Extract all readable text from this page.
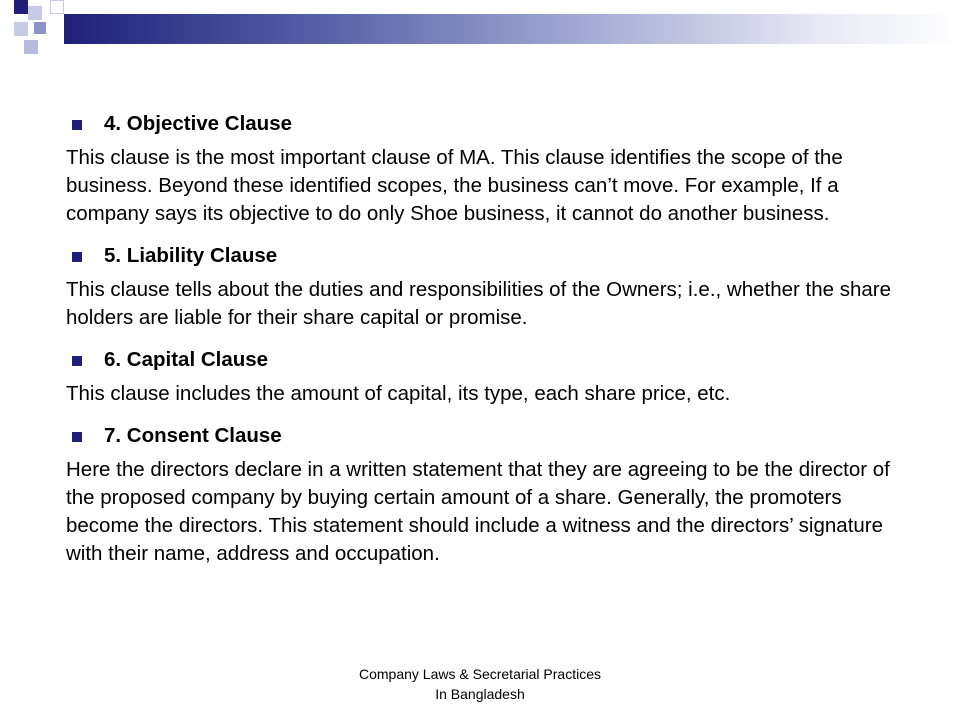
4. Objective Clause

This clause is the most important clause of MA. This clause identifies the scope of the business. Beyond these identified scopes, the business can’t move. For example, If a company says its objective to do only Shoe business, it cannot do another business.

5. Liability Clause

This clause tells about the duties and responsibilities of the Owners; i.e., whether the share holders are liable for their share capital or promise.

6. Capital Clause

This clause includes the amount of capital, its type, each share price, etc.

7. Consent Clause

Here the directors declare in a written statement that they are agreeing to be the director of the proposed company by buying certain amount of a share. Generally, the promoters become the directors. This statement should include a witness and the directors’ signature with their name, address and occupation.

Company Laws & Secretarial Practices
In Bangladesh
